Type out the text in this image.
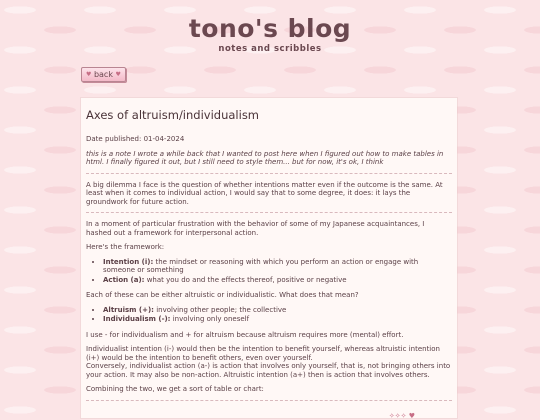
tono's blog
notes and scribbles
♥ back ♥
Axes of altruism/individualism

Date published: 01-04-2024

this is a note I wrote a while back that I wanted to post here when I figured out how to make tables in html. I finally figured it out, but I still need to style them... but for now, it's ok, I think

A big dilemma I face is the question of whether intentions matter even if the outcome is the same. At least when it comes to individual action, I would say that to some degree, it does: it lays the groundwork for future action.

In a moment of particular frustration with the behavior of some of my Japanese acquaintances, I hashed out a framework for interpersonal action.

Here's the framework:

• Intention (i): the mindset or reasoning with which you perform an action or engage with someone or something
• Action (a): what you do and the effects thereof, positive or negative

Each of these can be either altruistic or individualistic. What does that mean?

• Altruism (+): involving other people; the collective
• Individualism (-): involving only oneself

I use - for individualism and + for altruism because altruism requires more (mental) effort.

Individualist intention (i-) would then be the intention to benefit yourself, whereas altruistic intention (i+) would be the intention to benefit others, even over yourself.

Conversely, individualist action (a-) is action that involves only yourself, that is, not bringing others into your action. It may also be non-action. Altruistic intention (a+) then is action that involves others.

Combining the two, we get a sort of table or chart:

✧✧✧ ♥
